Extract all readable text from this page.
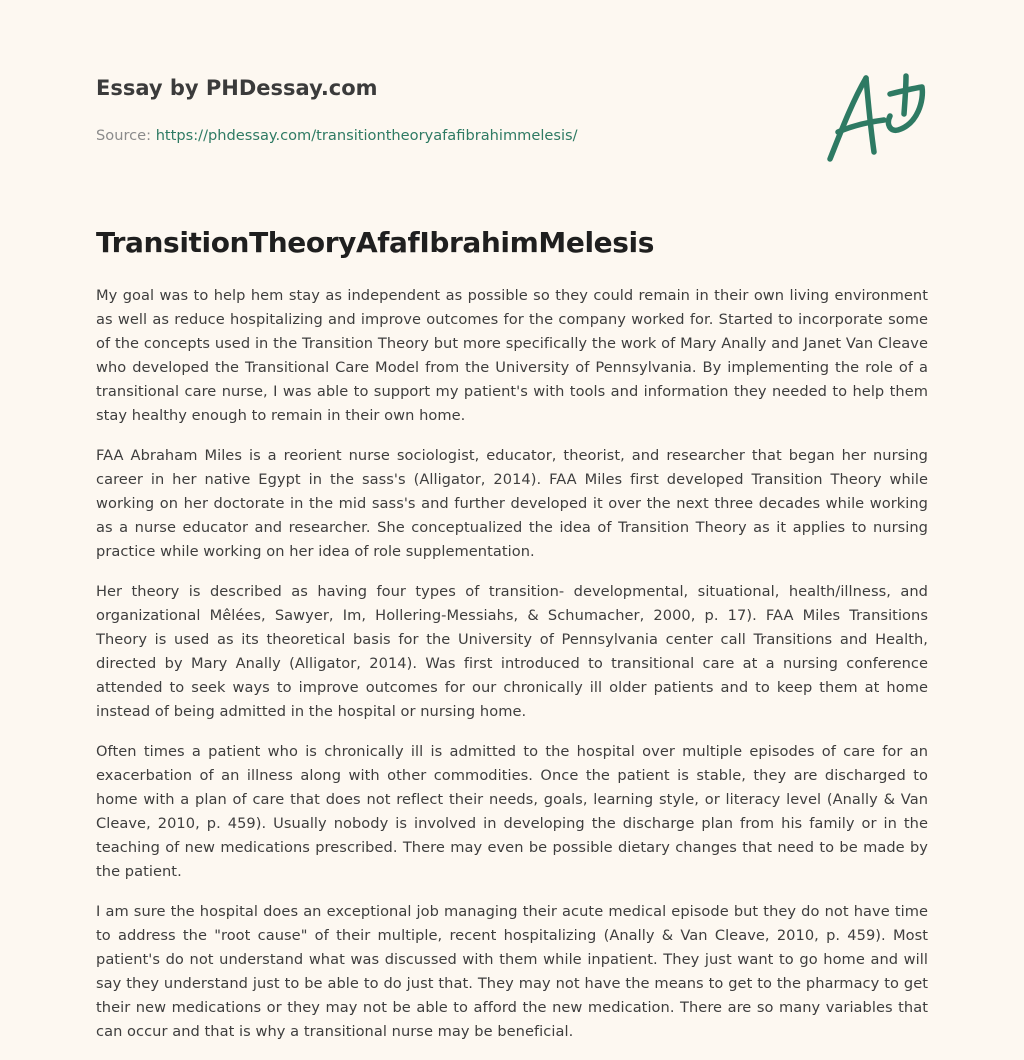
Essay by PHDessay.com
Source: https://phdessay.com/transitiontheoryafafibrahimmelesis/
TransitionTheoryAfafIbrahimMelesis

My goal was to help hem stay as independent as possible so they could remain in their own living environment as well as reduce hospitalizing and improve outcomes for the company worked for. Started to incorporate some of the concepts used in the Transition Theory but more specifically the work of Mary Anally and Janet Van Cleave who developed the Transitional Care Model from the University of Pennsylvania. By implementing the role of a transitional care nurse, I was able to support my patient's with tools and information they needed to help them stay healthy enough to remain in their own home.

FAA Abraham Miles is a reorient nurse sociologist, educator, theorist, and researcher that began her nursing career in her native Egypt in the sass's (Alligator, 2014). FAA Miles first developed Transition Theory while working on her doctorate in the mid sass's and further developed it over the next three decades while working as a nurse educator and researcher. She conceptualized the idea of Transition Theory as it applies to nursing practice while working on her idea of role supplementation.

Her theory is described as having four types of transition- developmental, situational, health/illness, and organizational Mêlées, Sawyer, Im, Hollering-Messiahs, & Schumacher, 2000, p. 17). FAA Miles Transitions Theory is used as its theoretical basis for the University of Pennsylvania center call Transitions and Health, directed by Mary Anally (Alligator, 2014). Was first introduced to transitional care at a nursing conference attended to seek ways to improve outcomes for our chronically ill older patients and to keep them at home instead of being admitted in the hospital or nursing home.

Often times a patient who is chronically ill is admitted to the hospital over multiple episodes of care for an exacerbation of an illness along with other commodities. Once the patient is stable, they are discharged to home with a plan of care that does not reflect their needs, goals, learning style, or literacy level (Anally & Van Cleave, 2010, p. 459). Usually nobody is involved in developing the discharge plan from his family or in the teaching of new medications prescribed. There may even be possible dietary changes that need to be made by the patient.

I am sure the hospital does an exceptional job managing their acute medical episode but they do not have time to address the "root cause" of their multiple, recent hospitalizing (Anally & Van Cleave, 2010, p. 459). Most patient's do not understand what was discussed with them while inpatient. They just want to go home and will say they understand just to be able to do just that. They may not have the means to get to the pharmacy to get their new medications or they may not be able to afford the new medication. There are so many variables that can occur and that is why a transitional nurse may be beneficial.
